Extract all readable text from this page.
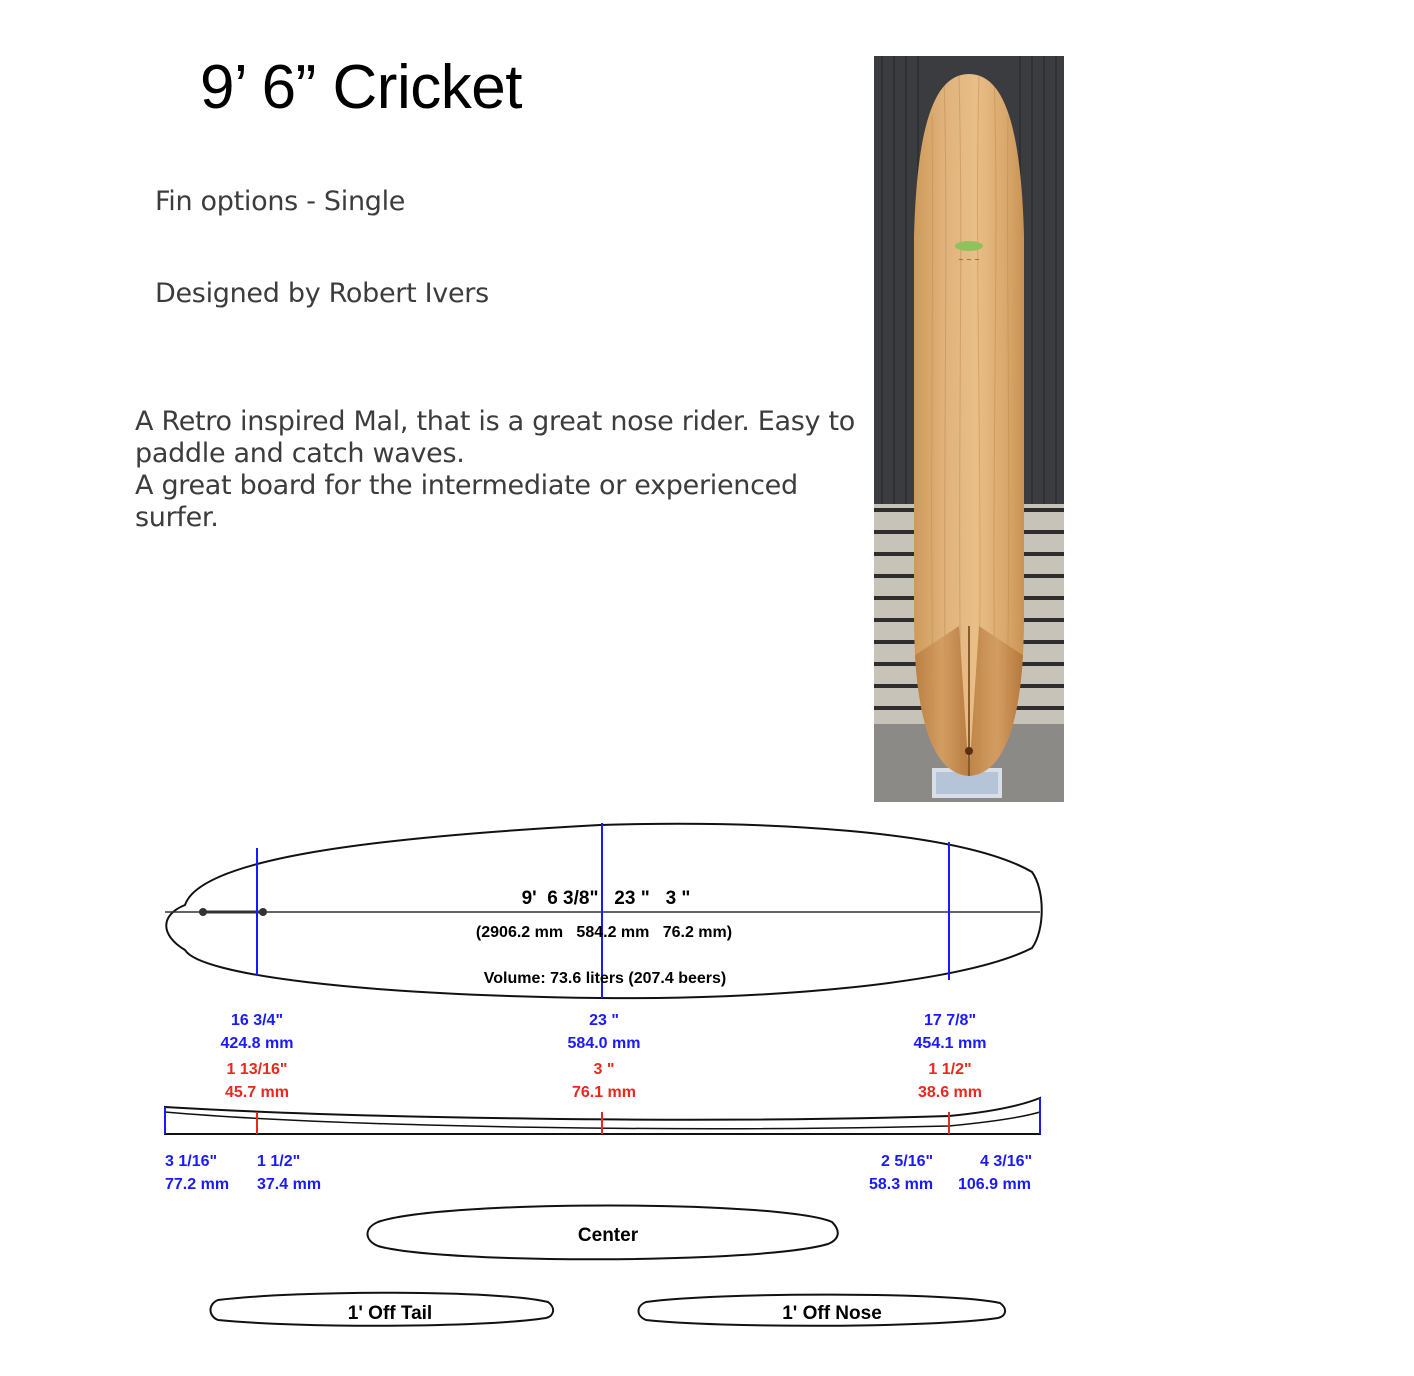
9’ 6” Cricket
Fin options - Single
Designed by Robert Ivers

A Retro inspired Mal, that is a great nose rider. Easy to paddle and catch waves.

A great board for the intermediate or experienced surfer.

~ ~ ~
9'  6 3/8"   23 "   3 "
(2906.2 mm   584.2 mm   76.2 mm)
Volume: 73.6 liters (207.4 beers)
16 3/4"
424.8 mm
23 "
584.0 mm
17 7/8"
454.1 mm
1 13/16"
45.7 mm
3 "
76.1 mm
1 1/2"
38.6 mm
3 1/16"
77.2 mm
1 1/2"
37.4 mm
2 5/16"
58.3 mm
4 3/16"
106.9 mm
Center
1' Off Tail	1' Off Nose
